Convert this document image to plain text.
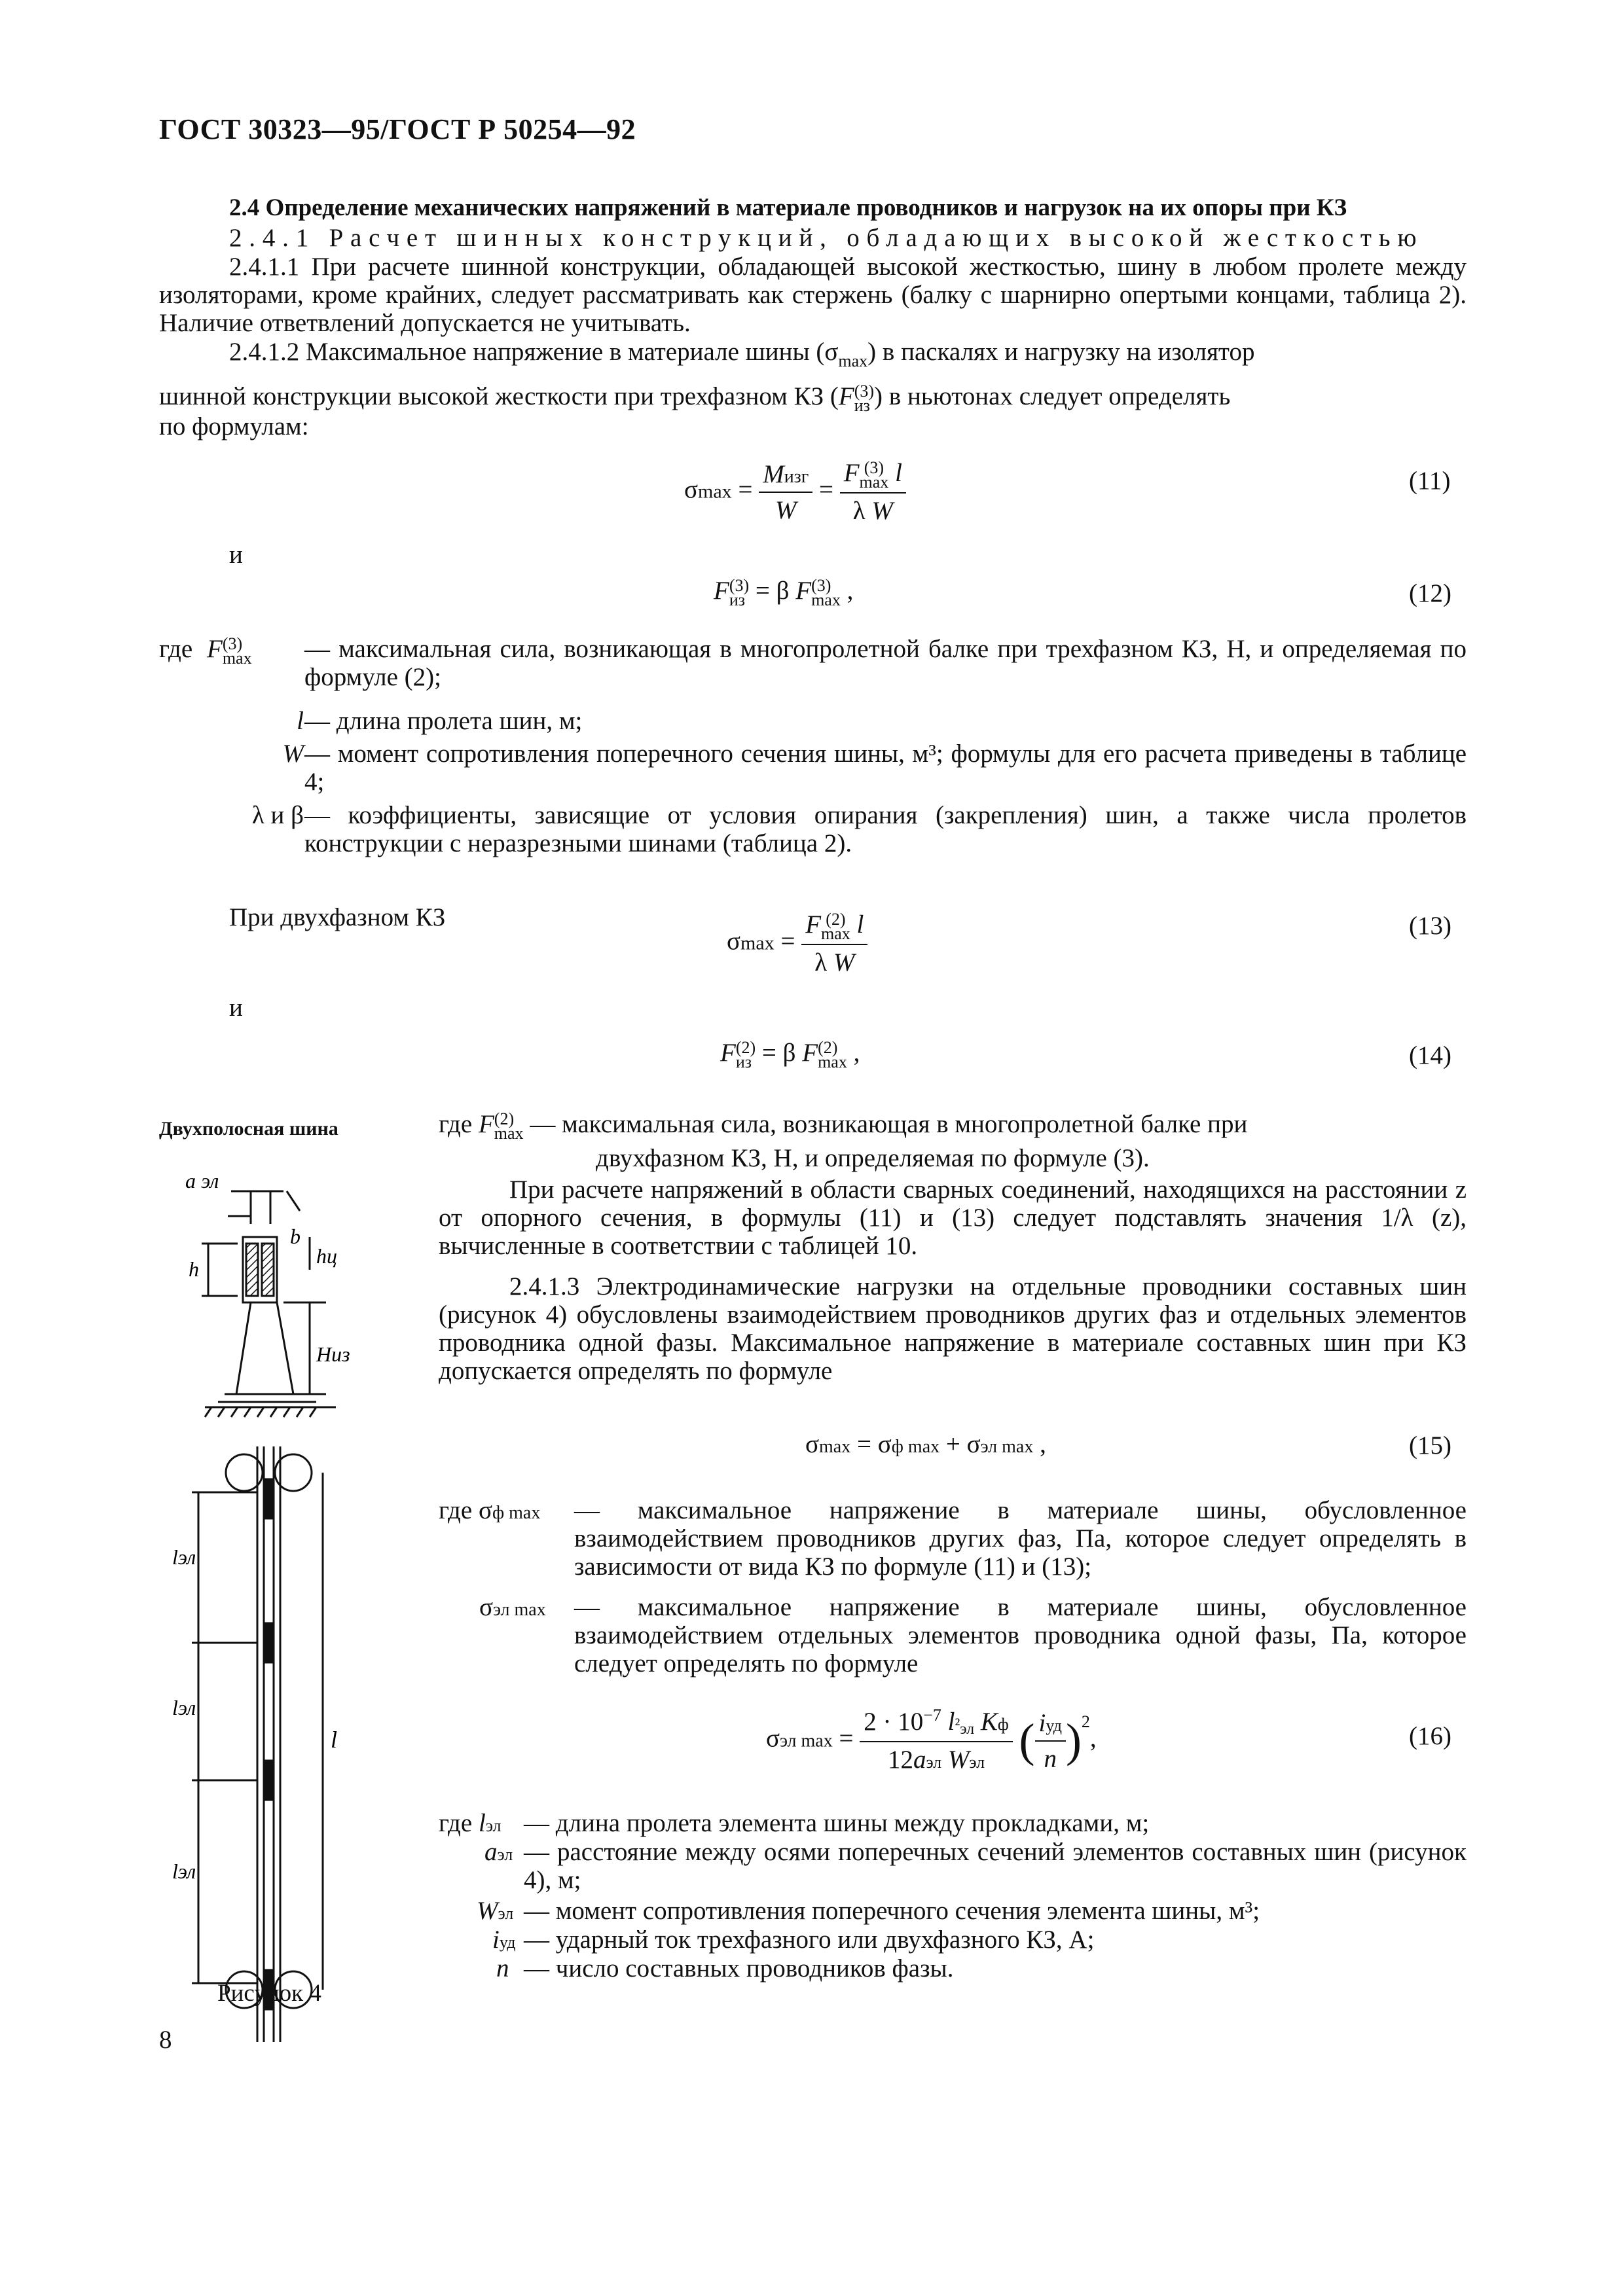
ГОСТ 30323—95/ГОСТ Р 50254—92
2.4 Определение механических напряжений в материале проводников и нагрузок на их опоры при КЗ
2.4.1 Расчет шинных конструкций, обладающих высокой жесткостью
2.4.1.1 При расчете шинной конструкции, обладающей высокой жесткостью, шину в любом пролете между изоляторами, кроме крайних, следует рассматривать как стержень (балку с шарнирно опертыми концами, таблица 2). Наличие ответвлений допускается не учитывать.
2.4.1.2 Максимальное напряжение в материале шины $(\sigma_{max})$ в паскалях и нагрузку на изолятор
шинной конструкции высокой жесткости при трехфазном КЗ (F (3)
из ) в ньютонах следует определять
по формулам:
$\sigma\max = \frac{\text{Mизг}}{W} = F$ (3)
max l
λ W	(11)
и
F (3)
из = β F (3)
max ,	(12)
где F (3)
max — максимальная сила, возникающая в многопролетной балке при трехфазном КЗ, Н, и определяемая по формуле (2);
l — длина пролета шин, м;
W — момент сопротивления поперечного сечения шины, м³; формулы для его расчета приведены в таблице 4;
λ и β — коэффициенты, зависящие от условия опирания (закрепления) шин, а также числа пролетов конструкции с неразрезными шинами (таблица 2).
При двухфазном КЗ
σmax = F (2)
max l
λ W	(13)
и
F (2)
из = β F (2)
max ,	(14)
Двухполосная шина	где F (2)
max — максимальная сила, возникающая в многопролетной балке при
двухфазном КЗ, Н, и определяемая по формуле (3).
При расчете напряжений в области сварных соединений, находящихся на расстоянии z от опорного сечения, в формулы (11) и (13) следует подставлять значения 1/λ (z), вычисленные в соответствии с таблицей 10.
2.4.1.3 Электродинамические нагрузки на отдельные проводники составных шин (рисунок 4) обусловлены взаимодействием проводников других фаз и отдельных элементов проводника одной фазы. Максимальное напряжение в материале составных шин при КЗ допускается определять по формуле
σmax = σф max + σэл max ,	(15)
где σф max — максимальное напряжение в материале шины, обусловленное взаимодействием проводников других фаз, Па, которое следует определять в зависимости от вида КЗ по формуле (11) и (13);
σэл max — максимальное напряжение в материале шины, обусловленное взаимодействием отдельных элементов проводника одной фазы, Па, которое следует определять по формуле
σэл $\max = \frac{2 \cdot 10^{-7} l^2_{эл} Kф}{\text{12aэл Wэл}}$ ( $\frac{\text{iуд}}{n} )^2$,	(16)
где lэл — длина пролета элемента шины между прокладками, м;
aэл — расстояние между осями поперечных сечений элементов составных шин (рисунок 4), м;
Wэл — момент сопротивления поперечного сечения элемента шины, м³;
iуд — ударный ток трехфазного или двухфазного КЗ, А;
n — число составных проводников фазы.
a эл
b
hц
h
Hиз
lэл
lэл
lэл
l
Рисунок 4
8
